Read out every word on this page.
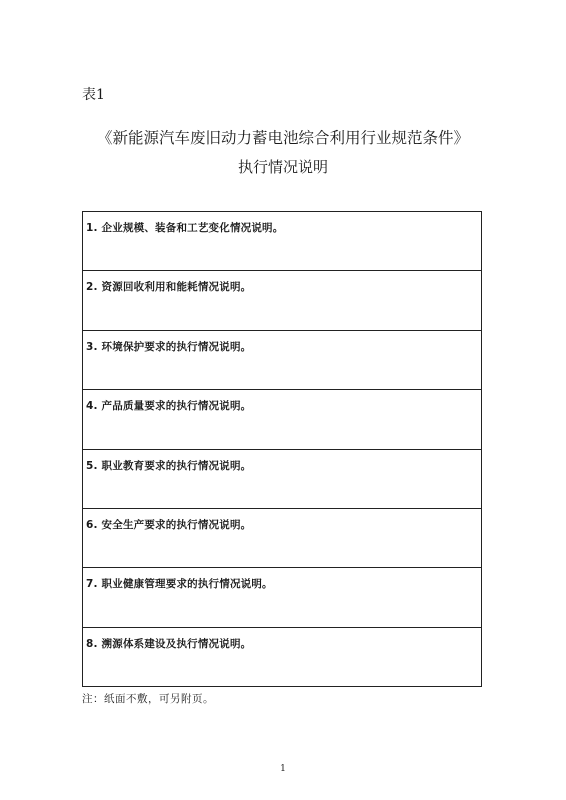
表1
《新能源汽车废旧动力蓄电池综合利用行业规范条件》
执行情况说明
1. 企业规模、装备和工艺变化情况说明。
2. 资源回收利用和能耗情况说明。
3. 环境保护要求的执行情况说明。
4. 产品质量要求的执行情况说明。
5. 职业教育要求的执行情况说明。
6. 安全生产要求的执行情况说明。
7. 职业健康管理要求的执行情况说明。
8. 溯源体系建设及执行情况说明。
注：纸面不敷，可另附页。
1
